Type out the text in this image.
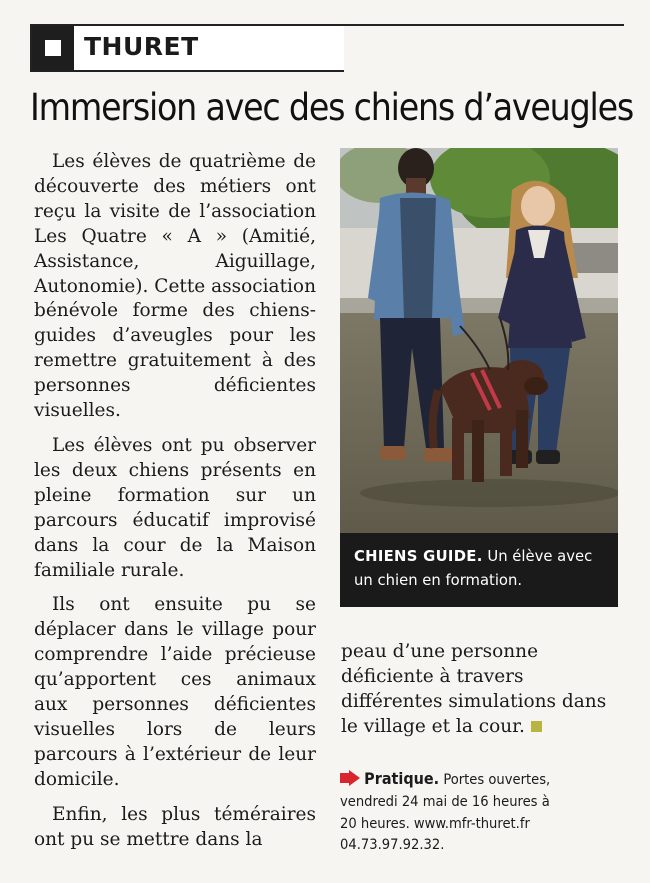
THURET
Immersion avec des chiens d’aveugles

Les élèves de quatrième de découverte des métiers ont reçu la visite de l’association Les Quatre « A » (Amitié, Assistance, Aiguillage, Autonomie). Cette association bénévole forme des chiens-guides d’aveugles pour les remettre gratuitement à des personnes déficientes visuelles.

Les élèves ont pu observer les deux chiens présents en pleine formation sur un parcours éducatif improvisé dans la cour de la Maison familiale rurale.

Ils ont ensuite pu se déplacer dans le village pour comprendre l’aide précieuse qu’apportent ces animaux aux personnes déficientes visuelles lors de leurs parcours à l’extérieur de leur domicile.

Enfin, les plus téméraires ont pu se mettre dans la

CHIENS GUIDE. Un élève avec un chien en formation.
peau d’une personne déficiente à travers différentes simulations dans le village et la cour.
Pratique. Portes ouvertes,
vendredi 24 mai de 16 heures à
20 heures. www.mfr-thuret.fr
04.73.97.92.32.
